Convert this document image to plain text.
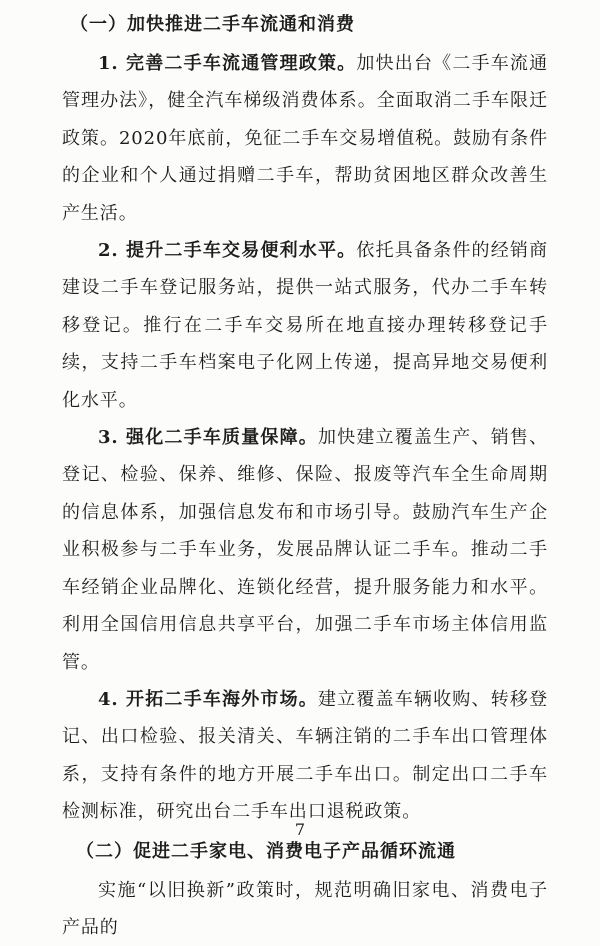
（一）加快推进二手车流通和消费

1. 完善二手车流通管理政策。加快出台《二手车流通管理办法》，健全汽车梯级消费体系。全面取消二手车限迁政策。2020年底前，免征二手车交易增值税。鼓励有条件的企业和个人通过捐赠二手车，帮助贫困地区群众改善生产生活。

2. 提升二手车交易便利水平。依托具备条件的经销商建设二手车登记服务站，提供一站式服务，代办二手车转移登记。推行在二手车交易所在地直接办理转移登记手续，支持二手车档案电子化网上传递，提高异地交易便利化水平。

3. 强化二手车质量保障。加快建立覆盖生产、销售、登记、检验、保养、维修、保险、报废等汽车全生命周期的信息体系，加强信息发布和市场引导。鼓励汽车生产企业积极参与二手车业务，发展品牌认证二手车。推动二手车经销企业品牌化、连锁化经营，提升服务能力和水平。利用全国信用信息共享平台，加强二手车市场主体信用监管。

4. 开拓二手车海外市场。建立覆盖车辆收购、转移登记、出口检验、报关清关、车辆注销的二手车出口管理体系，支持有条件的地方开展二手车出口。制定出口二手车检测标准，研究出台二手车出口退税政策。

（二）促进二手家电、消费电子产品循环流通

实施“以旧换新”政策时，规范明确旧家电、消费电子产品的

7
